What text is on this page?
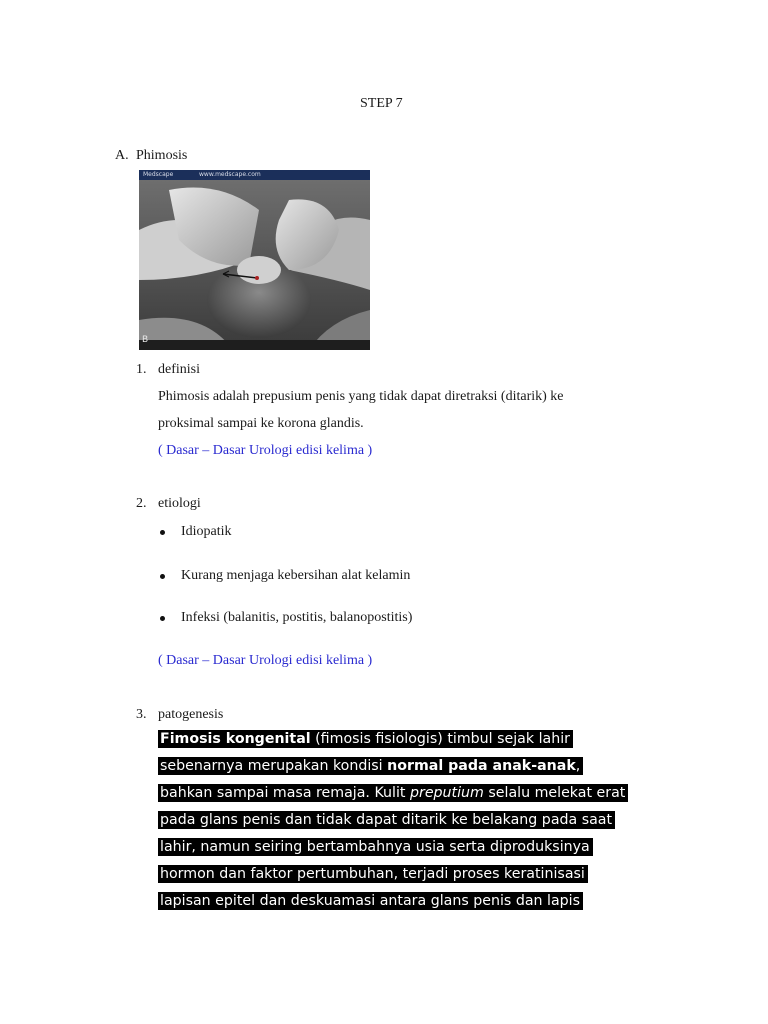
STEP 7
A. Phimosis
Medscape	www.medscape.com
B
1. definisi
Phimosis adalah prepusium penis yang tidak dapat diretraksi (ditarik) ke
proksimal sampai ke korona glandis.
( Dasar – Dasar Urologi edisi kelima )
2. etiologi
Idiopatik
Kurang menjaga kebersihan alat kelamin
Infeksi (balanitis, postitis, balanopostitis)
( Dasar – Dasar Urologi edisi kelima )
3. patogenesis
Fimosis kongenital (fimosis fisiologis) timbul sejak lahir
sebenarnya merupakan kondisi normal pada anak-anak,
bahkan sampai masa remaja. Kulit preputium selalu melekat erat
pada glans penis dan tidak dapat ditarik ke belakang pada saat
lahir, namun seiring bertambahnya usia serta diproduksinya
hormon dan faktor pertumbuhan, terjadi proses keratinisasi
lapisan epitel dan deskuamasi antara glans penis dan lapis
